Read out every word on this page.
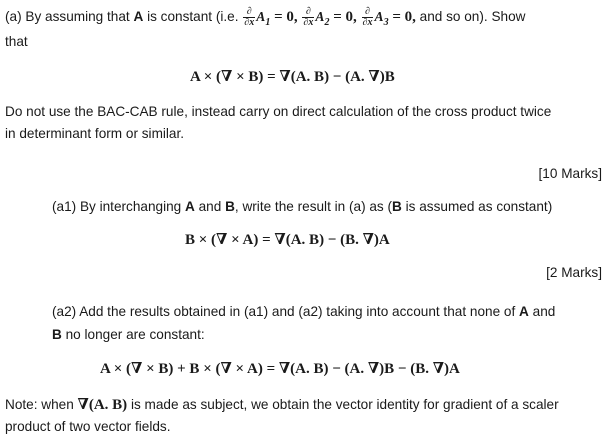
(a) By assuming that A is constant (i.e. $\frac{\partial}{\partial x} A_1 = 0$, $\frac{\partial}{\partial x} A_2 = 0$, $\frac{\partial}{\partial x} A_3 = 0$, and so on). Show
that
A × (∇ × B) = ∇(A. B) − (A. ∇)B
Do not use the BAC-CAB rule, instead carry on direct calculation of the cross product twice
in determinant form or similar.
[10 Marks]
(a1) By interchanging A and B, write the result in (a) as (B is assumed as constant)
B × (∇ × A) = ∇(A. B) − (B. ∇)A
[2 Marks]
(a2) Add the results obtained in (a1) and (a2) taking into account that none of A and
B no longer are constant:
A × (∇ × B) + B × (∇ × A) = ∇(A. B) − (A. ∇)B − (B. ∇)A
Note: when ∇(A. B) is made as subject, we obtain the vector identity for gradient of a scaler
product of two vector fields.
